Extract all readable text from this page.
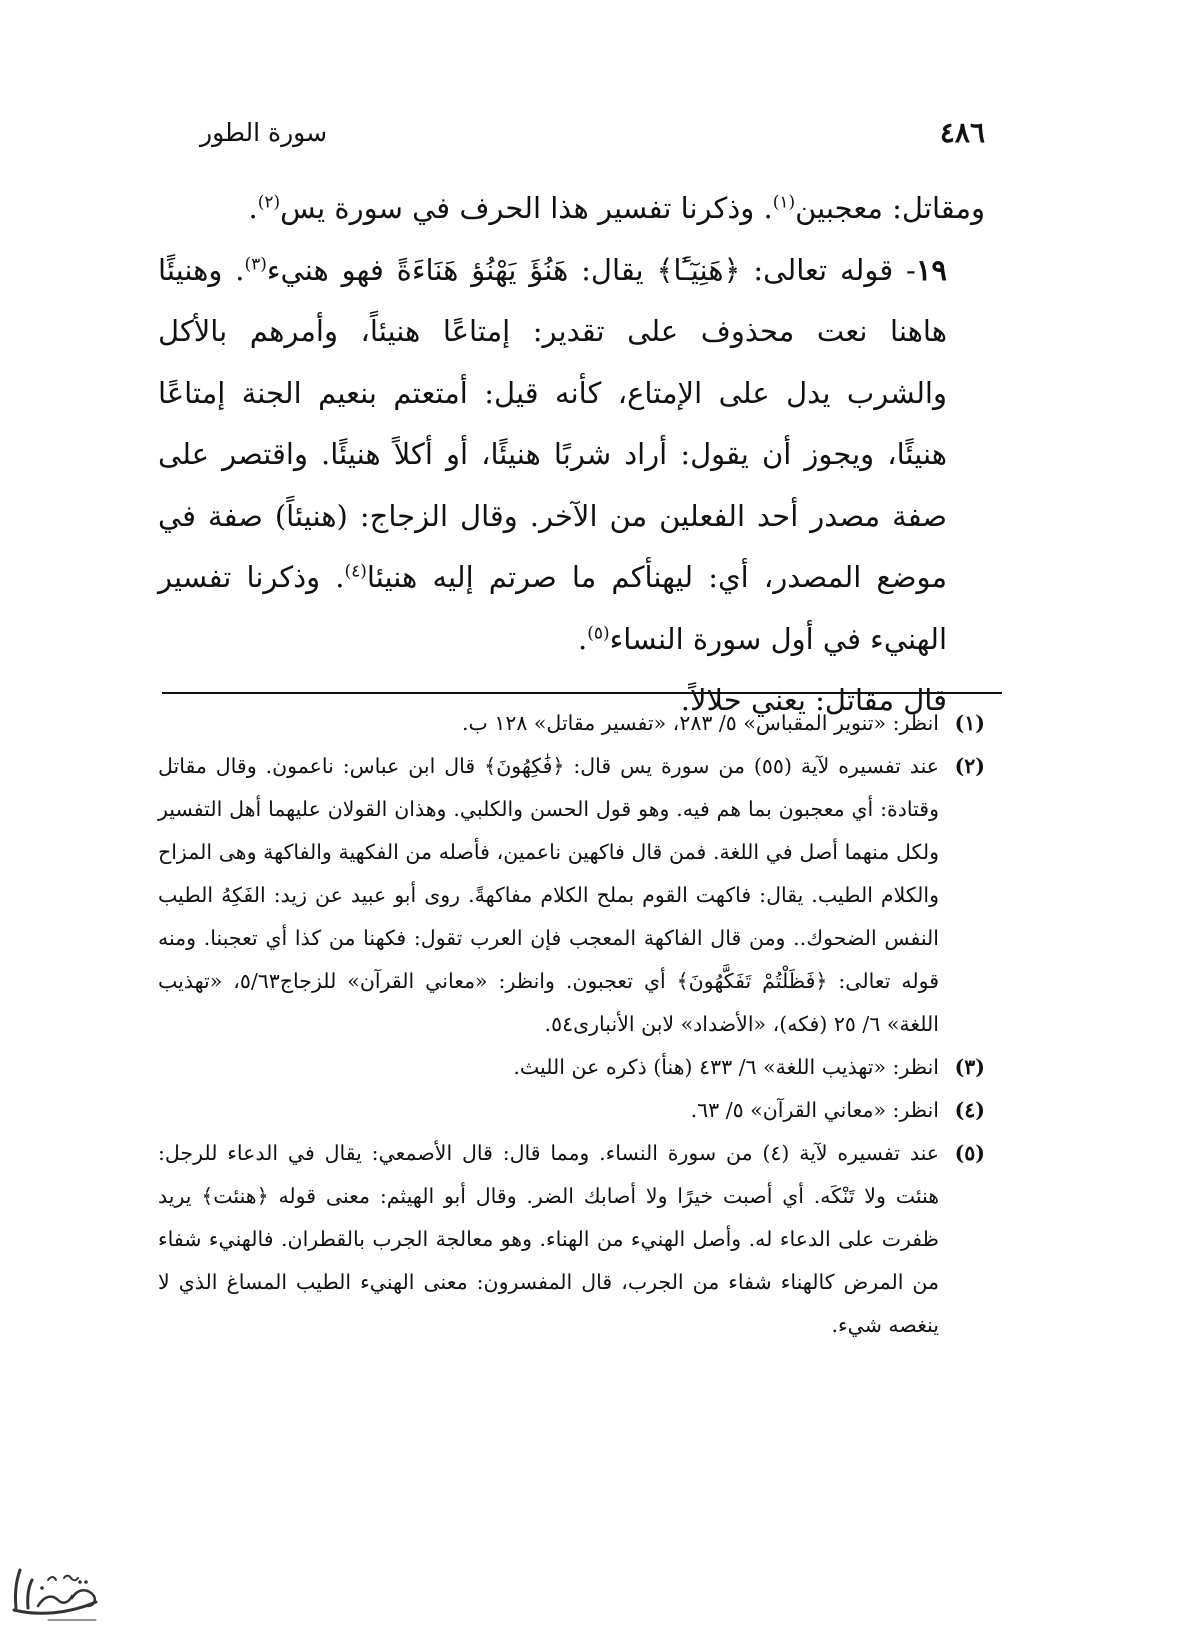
٤٨٦
سورة الطور

ومقاتل: معجبين$^{(١)}$. وذكرنا تفسير هذا الحرف في سورة يس$^{(٢)}$.

١٩- قوله تعالى: ﴿هَنِيٓـًٔا﴾ يقال: هَنُؤَ يَهْنُؤ هَنَاءَةً فهو هنيء$^{(٣)}$. وهنيئًا هاهنا نعت محذوف على تقدير: إمتاعًا هنيئاً، وأمرهم بالأكل والشرب يدل على الإمتاع، كأنه قيل: أمتعتم بنعيم الجنة إمتاعًا هنيئًا، ويجوز أن يقول: أراد شربًا هنيئًا، أو أكلاً هنيئًا. واقتصر على صفة مصدر أحد الفعلين من الآخر. وقال الزجاج: (هنيئاً) صفة في موضع المصدر، أي: ليهنأكم ما صرتم إليه هنيئا$^{(٤)}$. وذكرنا تفسير الهنيء في أول سورة النساء$^{(٥)}$.

قال مقاتل: يعني حلالاً.

(١)
انظر: «تنوير المقباس» ٥/ ٢٨٣، «تفسير مقاتل» ١٢٨ ب.
(٢)
عند تفسيره لآية (٥٥) من سورة يس قال: ﴿فَٰكِهُونَ﴾ قال ابن عباس: ناعمون. وقال مقاتل وقتادة: أي معجبون بما هم فيه. وهو قول الحسن والكلبي. وهذان القولان عليهما أهل التفسير ولكل منهما أصل في اللغة. فمن قال فاكهين ناعمين، فأصله من الفكهية والفاكهة وهى المزاح والكلام الطيب. يقال: فاكهت القوم بملح الكلام مفاكهةً. روى أبو عبيد عن زيد: الفَكِهُ الطيب النفس الضحوك.. ومن قال الفاكهة المعجب فإن العرب تقول: فكهنا من كذا أي تعجبنا. ومنه قوله تعالى: ﴿فَظَلْتُمْ تَفَكَّهُونَ﴾ أي تعجبون. وانظر: «معاني القرآن» للزجاج٥/٦٣، «تهذيب اللغة» ٦/ ٢٥ (فكه)، «الأضداد» لابن الأنبارى٥٤.
(٣)
انظر: «تهذيب اللغة» ٦/ ٤٣٣ (هنأ) ذكره عن الليث.
(٤)
انظر: «معاني القرآن» ٥/ ٦٣.
(٥)
عند تفسيره لآية (٤) من سورة النساء. ومما قال: قال الأصمعي: يقال في الدعاء للرجل: هنئت ولا تَنْكَه. أي أصبت خيرًا ولا أصابك الضر. وقال أبو الهيثم: معنى قوله ﴿هنئت﴾ يريد ظفرت على الدعاء له. وأصل الهنيء من الهناء. وهو معالجة الجرب بالقطران. فالهنيء شفاء من المرض كالهناء شفاء من الجرب، قال المفسرون: معنى الهنيء الطيب المساغ الذي لا ينغصه شيء.
